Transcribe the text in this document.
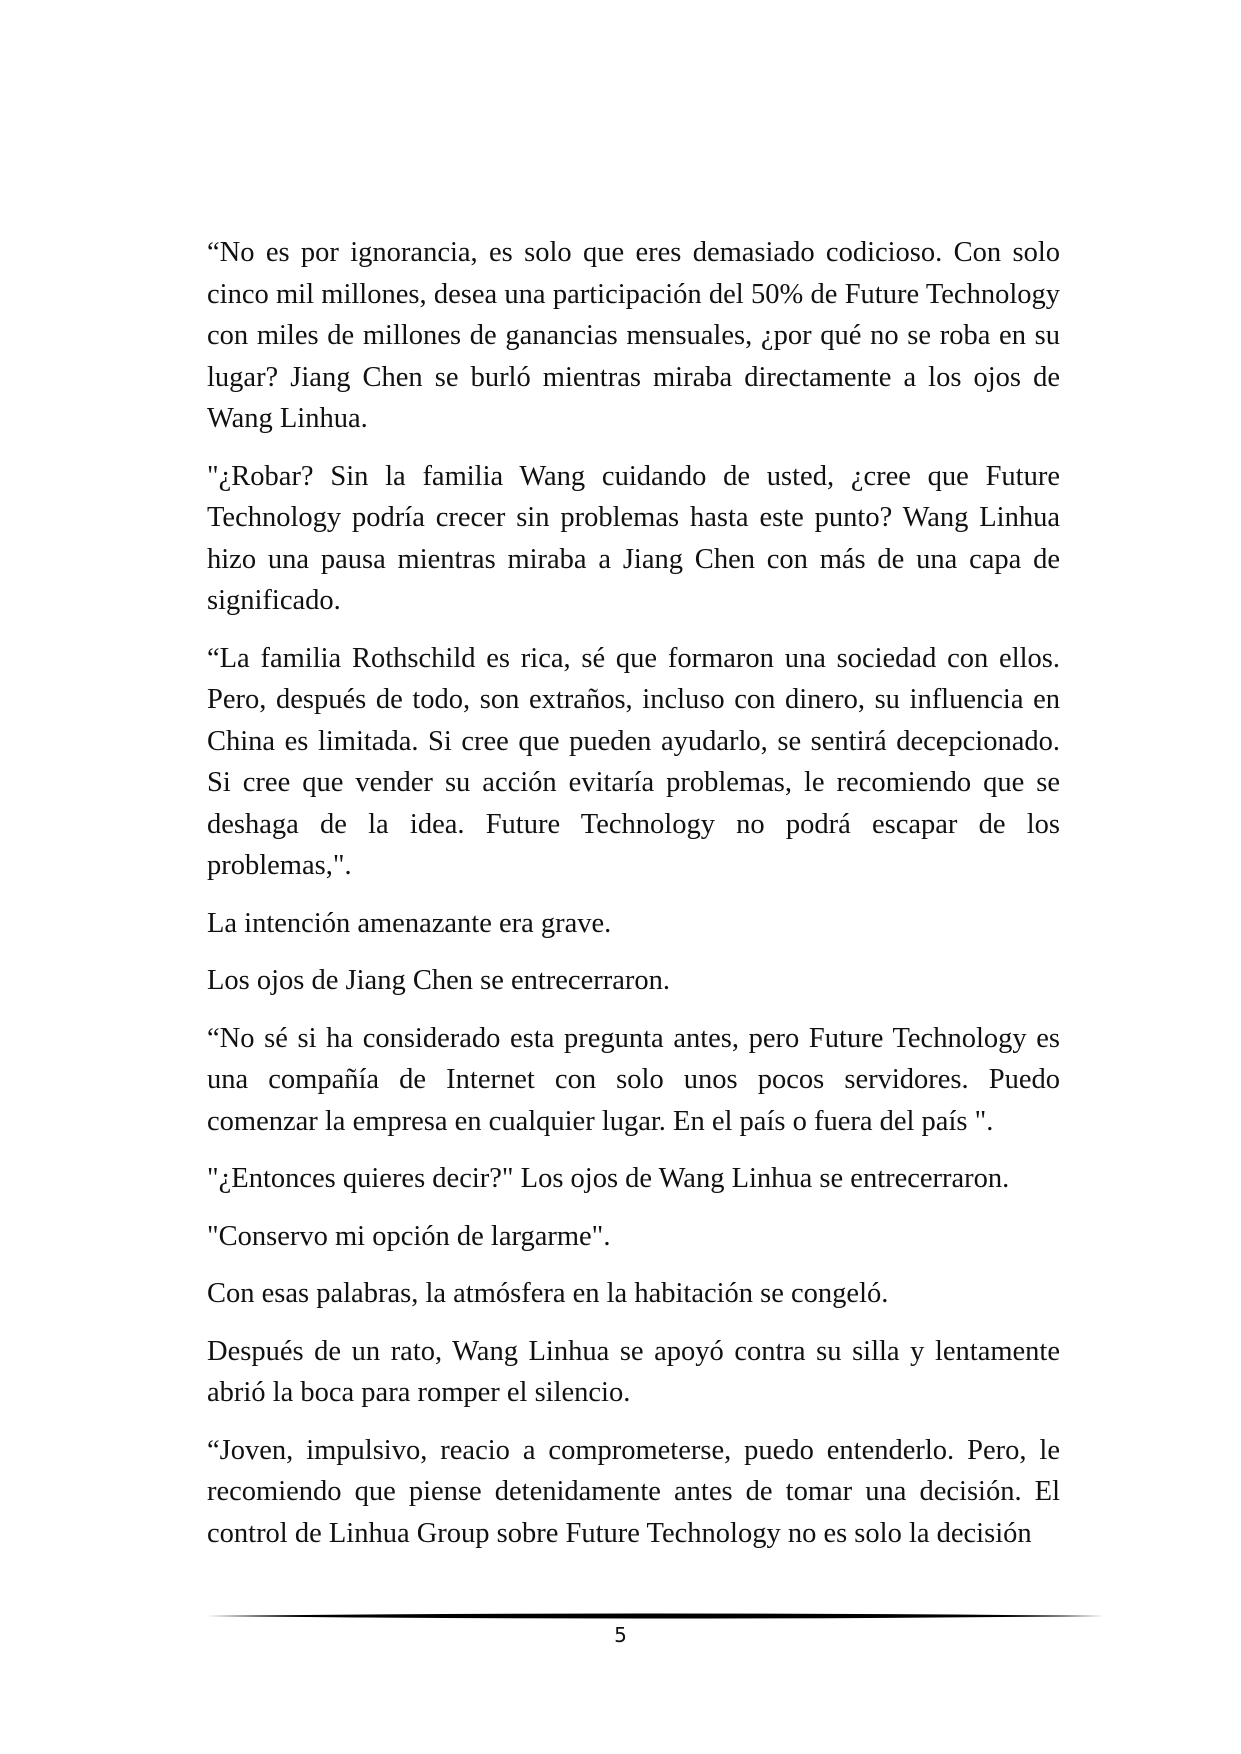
“No es por ignorancia, es solo que eres demasiado codicioso. Con solo cinco mil millones, desea una participación del 50% de Future Technology con miles de millones de ganancias mensuales, ¿por qué no se roba en su lugar? Jiang Chen se burló mientras miraba directamente a los ojos de Wang Linhua.

"¿Robar? Sin la familia Wang cuidando de usted, ¿cree que Future Technology podría crecer sin problemas hasta este punto? Wang Linhua hizo una pausa mientras miraba a Jiang Chen con más de una capa de significado.

“La familia Rothschild es rica, sé que formaron una sociedad con ellos. Pero, después de todo, son extraños, incluso con dinero, su influencia en China es limitada. Si cree que pueden ayudarlo, se sentirá decepcionado. Si cree que vender su acción evitaría problemas, le recomiendo que se deshaga de la idea. Future Technology no podrá escapar de los problemas,".

La intención amenazante era grave.

Los ojos de Jiang Chen se entrecerraron.

“No sé si ha considerado esta pregunta antes, pero Future Technology es una compañía de Internet con solo unos pocos servidores. Puedo comenzar la empresa en cualquier lugar. En el país o fuera del país ".

"¿Entonces quieres decir?" Los ojos de Wang Linhua se entrecerraron.

"Conservo mi opción de largarme".

Con esas palabras, la atmósfera en la habitación se congeló.

Después de un rato, Wang Linhua se apoyó contra su silla y lentamente abrió la boca para romper el silencio.

“Joven, impulsivo, reacio a comprometerse, puedo entenderlo. Pero, le recomiendo que piense detenidamente antes de tomar una decisión. El control de Linhua Group sobre Future Technology no es solo la decisión

5
